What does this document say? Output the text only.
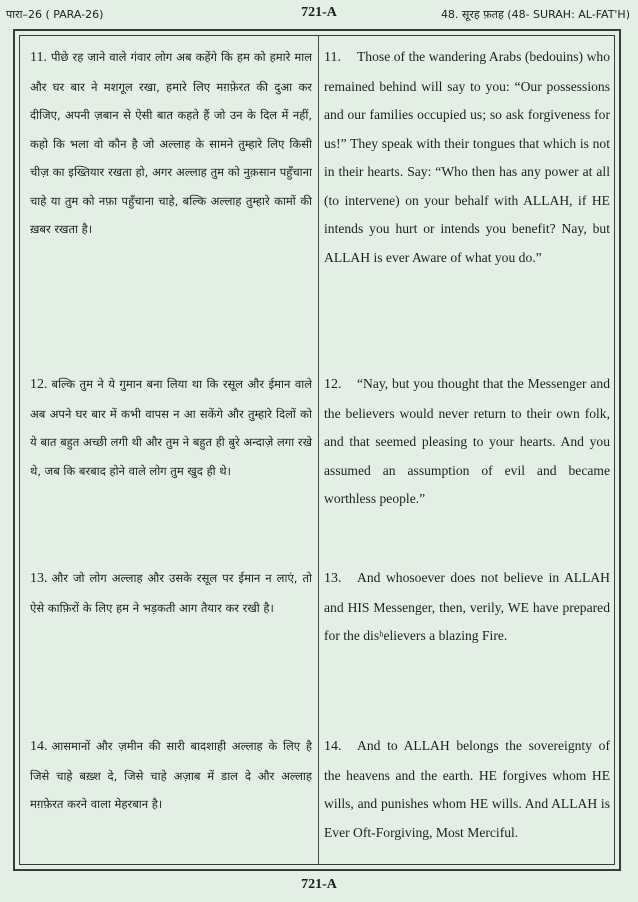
पारा–26 ( PARA-26)	721-A	48. सूरह फ़तह (48- SURAH: AL-FAT'H)
11. पीछे रह जाने वाले गंवार लोग अब कहेंगे कि हम को हमारे माल और घर बार ने मशगूल रखा, हमारे लिए मग़फ़ेरत की दुआ कर दीजिए, अपनी ज़बान से ऐसी बात कहते हैं जो उन के दिल में नहीं, कहो कि भला वो कौन है जो अल्लाह के सामने तुम्हारे लिए किसी चीज़ का इख्तियार रखता हो, अगर अल्लाह तुम को नुक़सान पहुँचाना चाहे या तुम को नफ़ा पहुँचाना चाहे, बल्कि अल्लाह तुम्हारे कामों की ख़बर रखता है।
11. Those of the wandering Arabs (bedouins) who remained behind will say to you: “Our possessions and our families occupied us; so ask forgiveness for us!” They speak with their tongues that which is not in their hearts. Say: “Who then has any power at all (to intervene) on your behalf with ALLAH, if HE intends you hurt or intends you benefit? Nay, but ALLAH is ever Aware of what you do.”
12. बल्कि तुम ने ये गुमान बना लिया था कि रसूल और ईमान वाले अब अपने घर बार में कभी वापस न आ सकेंगे और तुम्हारे दिलों को ये बात बहुत अच्छी लगी थी और तुम ने बहुत ही बुरे अन्दाज़े लगा रखे थे, जब कि बरबाद होने वाले लोग तुम खुद ही थे।
12. “Nay, but you thought that the Messenger and the believers would never return to their own folk, and that seemed pleasing to your hearts. And you assumed an assumption of evil and became worthless people.”
13. और जो लोग अल्लाह और उसके रसूल पर ईमान न लाएं, तो ऐसे काफ़िरों के लिए हम ने भड़कती आग तैयार कर रखी है।
13. And whosoever does not believe in ALLAH and HIS Messenger, then, verily, WE have prepared for the disʰelievers a blazing Fire.
14. आसमानों और ज़मीन की सारी बादशाही अल्लाह के लिए है जिसे चाहे बख़्श दे, जिसे चाहे अज़ाब में डाल दे और अल्लाह मग़फ़ेरत करने वाला मेहरबान है।
14. And to ALLAH belongs the sovereignty of the heavens and the earth. HE forgives whom HE wills, and punishes whom HE wills. And ALLAH is Ever Oft-Forgiving, Most Merciful.
721-A
